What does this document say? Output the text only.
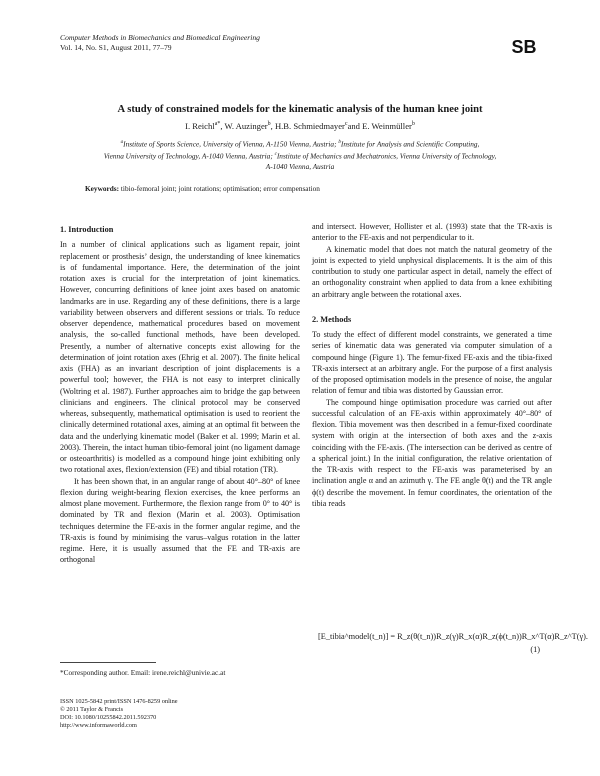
Computer Methods in Biomechanics and Biomedical Engineering
Vol. 14, No. S1, August 2011, 77–79	SB
A study of constrained models for the kinematic analysis of the human knee joint
I. Reichl$^{a*}$, W. Auzinger$^b$, H.B. Schmiedmayer$^c$and E. Weinmüller$^b$
$^a$Institute of Sports Science, University of Vienna, A-1150 Vienna, Austria; $^b$Institute for Analysis and Scientific Computing,
Vienna University of Technology, A-1040 Vienna, Austria; $^c$Institute of Mechanics and Mechatronics, Vienna University of Technology,
A-1040 Vienna, Austria
Keywords: tibio-femoral joint; joint rotations; optimisation; error compensation
1. Introduction

In a number of clinical applications such as ligament repair, joint replacement or prosthesis’ design, the understanding of knee kinematics is of fundamental importance. Here, the determination of the joint rotation axes is crucial for the interpretation of joint kinematics. However, concurring definitions of knee joint axes based on anatomic landmarks are in use. Regarding any of these definitions, there is a large variability between observers and different sessions or trials. To reduce observer dependence, mathematical procedures based on movement analysis, the so-called functional methods, have been developed. Presently, a number of alternative concepts exist allowing for the determination of joint rotation axes (Ehrig et al. 2007). The finite helical axis (FHA) as an invariant description of joint displacements is a powerful tool; however, the FHA is not easy to interpret clinically (Woltring et al. 1987). Further approaches aim to bridge the gap between clinicians and engineers. The clinical protocol may be conserved whereas, subsequently, mathematical optimisation is used to reorient the clinically determined rotational axes, aiming at an optimal fit between the data and the underlying kinematic model (Baker et al. 1999; Marin et al. 2003). Therein, the intact human tibio-femoral joint (no ligament damage or osteoarthritis) is modelled as a compound hinge joint exhibiting only two rotational axes, flexion/extension (FE) and tibial rotation (TR).

It has been shown that, in an angular range of about 40°–80° of knee flexion during weight-bearing flexion exercises, the knee performs an almost plane movement. Furthermore, the flexion range from 0° to 40° is dominated by TR and flexion (Marin et al. 2003). Optimisation techniques determine the FE-axis in the former angular regime, and the TR-axis is found by minimising the varus–valgus rotation in the latter regime. Here, it is usually assumed that the FE and TR-axis are orthogonal

and intersect. However, Hollister et al. (1993) state that the TR-axis is anterior to the FE-axis and not perpendicular to it.

A kinematic model that does not match the natural geometry of the joint is expected to yield unphysical displacements. It is the aim of this contribution to study one particular aspect in detail, namely the effect of an orthogonality constraint when applied to data from a knee exhibiting an arbitrary angle between the rotational axes.

2. Methods

To study the effect of different model constraints, we generated a time series of kinematic data was generated via computer simulation of a compound hinge (Figure 1). The femur-fixed FE-axis and the tibia-fixed TR-axis intersect at an arbitrary angle. For the purpose of a first analysis of the proposed optimisation models in the presence of noise, the angular relation of femur and tibia was distorted by Gaussian error.

The compound hinge optimisation procedure was carried out after successful calculation of an FE-axis within approximately 40°–80° of flexion. Tibia movement was then described in a femur-fixed coordinate system with origin at the intersection of both axes and the z-axis coinciding with the FE-axis. (The intersection can be derived as centre of a spherical joint.) In the initial configuration, the relative orientation of the TR-axis with respect to the FE-axis was parameterised by an inclination angle α and an azimuth γ. The FE angle θ(t) and the TR angle ϕ(t) describe the movement. In femur coordinates, the orientation of the tibia reads

[E_tibia^model(t_n)] = R_z(θ(t_n))R_z(γ)R_x(α)R_z(ϕ(t_n))R_x^T(α)R_z^T(γ).
(1)
*Corresponding author. Email: irene.reichl@univie.ac.at
ISSN 1025-5842 print/ISSN 1476-8259 online
© 2011 Taylor & Francis
DOI: 10.1080/10255842.2011.592370
http://www.informaworld.com
